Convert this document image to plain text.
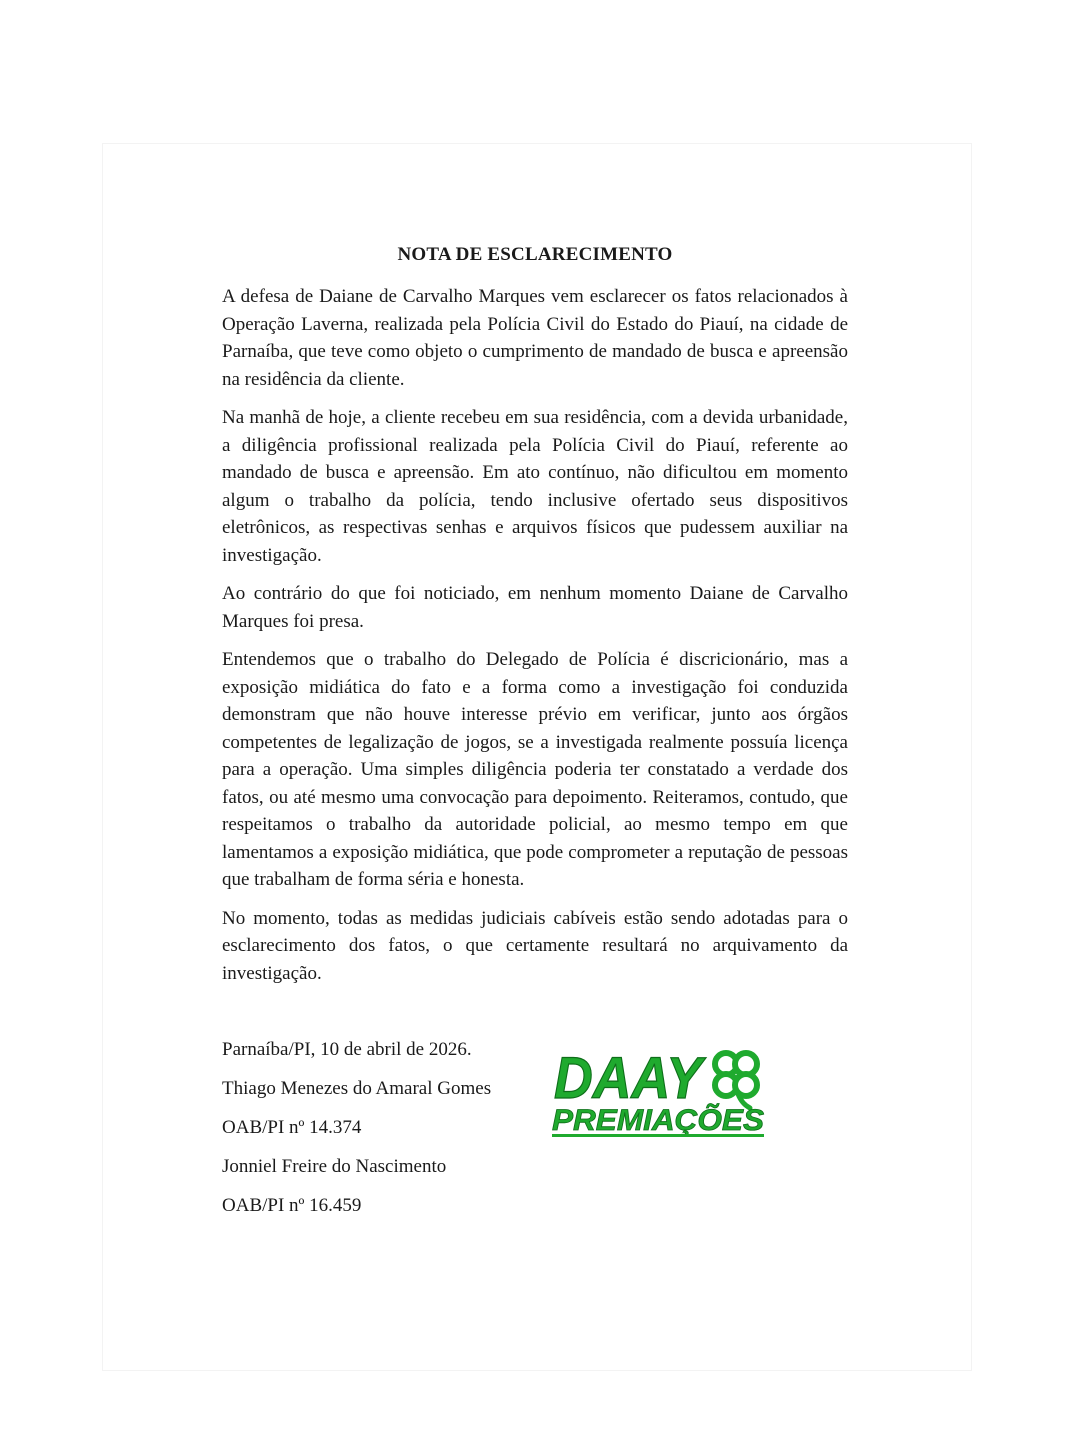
NOTA DE ESCLARECIMENTO

A defesa de Daiane de Carvalho Marques vem esclarecer os fatos relacionados à Operação Laverna, realizada pela Polícia Civil do Estado do Piauí, na cidade de Parnaíba, que teve como objeto o cumprimento de mandado de busca e apreensão na residência da cliente.

Na manhã de hoje, a cliente recebeu em sua residência, com a devida urbanidade, a diligência profissional realizada pela Polícia Civil do Piauí, referente ao mandado de busca e apreensão. Em ato contínuo, não dificultou em momento algum o trabalho da polícia, tendo inclusive ofertado seus dispositivos eletrônicos, as respectivas senhas e arquivos físicos que pudessem auxiliar na investigação.

Ao contrário do que foi noticiado, em nenhum momento Daiane de Carvalho Marques foi presa.

Entendemos que o trabalho do Delegado de Polícia é discricionário, mas a exposição midiática do fato e a forma como a investigação foi conduzida demonstram que não houve interesse prévio em verificar, junto aos órgãos competentes de legalização de jogos, se a investigada realmente possuía licença para a operação. Uma simples diligência poderia ter constatado a verdade dos fatos, ou até mesmo uma convocação para depoimento. Reiteramos, contudo, que respeitamos o trabalho da autoridade policial, ao mesmo tempo em que lamentamos a exposição midiática, que pode comprometer a reputação de pessoas que trabalham de forma séria e honesta.

No momento, todas as medidas judiciais cabíveis estão sendo adotadas para o esclarecimento dos fatos, o que certamente resultará no arquivamento da investigação.

Parnaíba/PI, 10 de abril de 2026.
Thiago Menezes do Amaral Gomes
OAB/PI nº 14.374
Jonniel Freire do Nascimento
OAB/PI nº 16.459
DAAY
PREMIAÇÕES
